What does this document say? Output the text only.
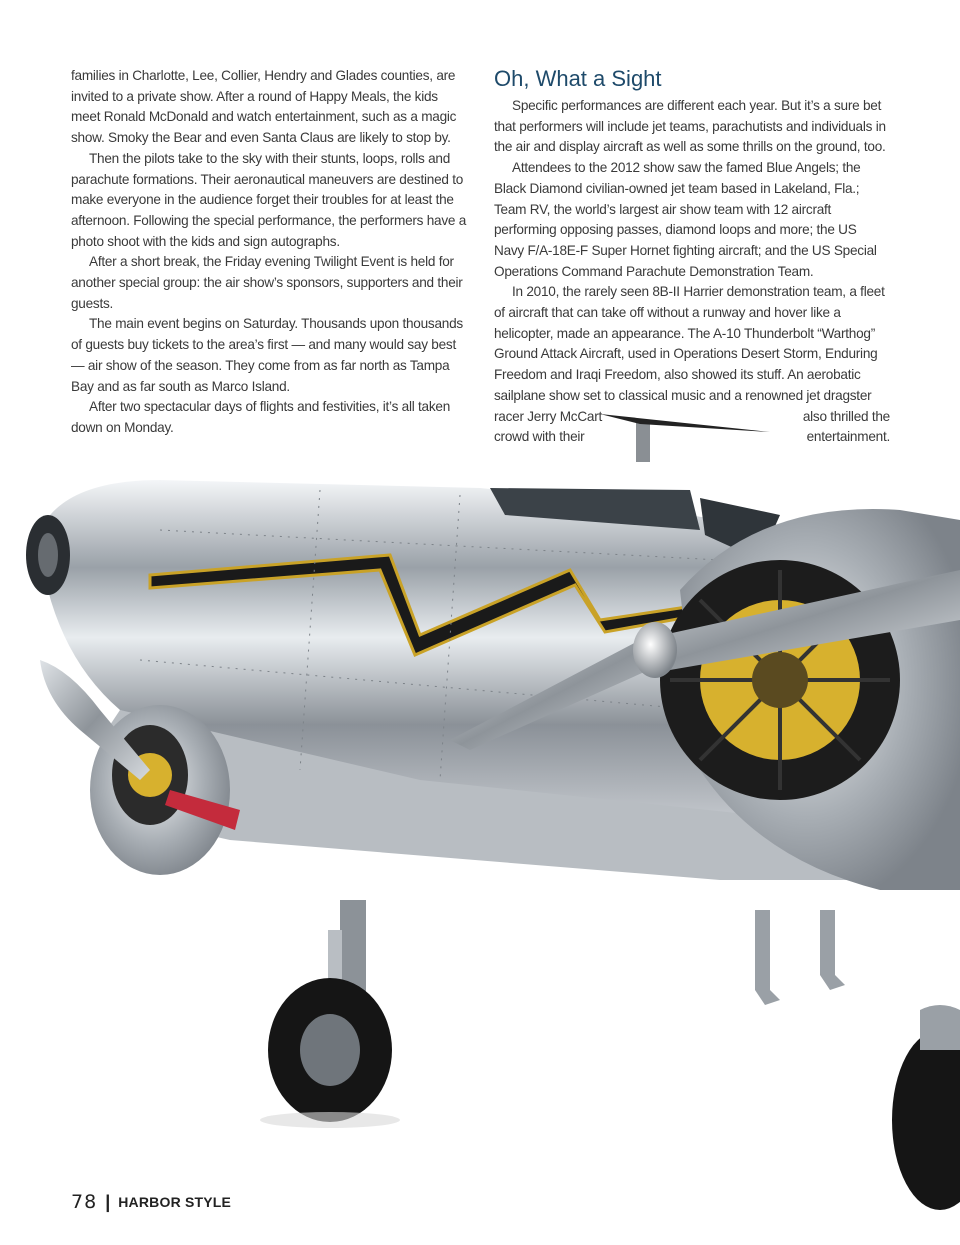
families in Charlotte, Lee, Collier, Hendry and Glades counties, are invited to a private show. After a round of Happy Meals, the kids meet Ronald McDonald and watch entertainment, such as a magic show. Smoky the Bear and even Santa Claus are likely to stop by.

Then the pilots take to the sky with their stunts, loops, rolls and parachute formations. Their aeronautical maneuvers are destined to make everyone in the audience forget their troubles for at least the afternoon. Following the special performance, the performers have a photo shoot with the kids and sign autographs.

After a short break, the Friday evening Twilight Event is held for another special group: the air show’s sponsors, supporters and their guests.

The main event begins on Saturday. Thousands upon thousands of guests buy tickets to the area’s first — and many would say best — air show of the season. They come from as far north as Tampa Bay and as far south as Marco Island.

After two spectacular days of flights and festivities, it’s all taken down on Monday.

Oh, What a Sight

Specific performances are different each year. But it’s a sure bet that performers will include jet teams, parachutists and individuals in the air and display aircraft as well as some thrills on the ground, too.

Attendees to the 2012 show saw the famed Blue Angels; the Black Diamond civilian-owned jet team based in Lakeland, Fla.; Team RV, the world’s largest air show team with 12 aircraft performing opposing passes, diamond loops and more; the US Navy F/A-18E-F Super Hornet fighting aircraft; and the US Special Operations Command Parachute Demonstration Team.

In 2010, the rarely seen 8B-II Harrier demonstration team, a fleet of aircraft that can take off without a runway and hover like a helicopter, made an appearance. The A-10 Thunderbolt “Warthog” Ground Attack Aircraft, used in Operations Desert Storm, Enduring Freedom and Iraqi Freedom, also showed its stuff. An aerobatic sailplane show set to classical music and a renowned jet dragster

racer Jerry McCart	also thrilled the
crowd with their	entertainment.
78 | HARBOR STYLE
